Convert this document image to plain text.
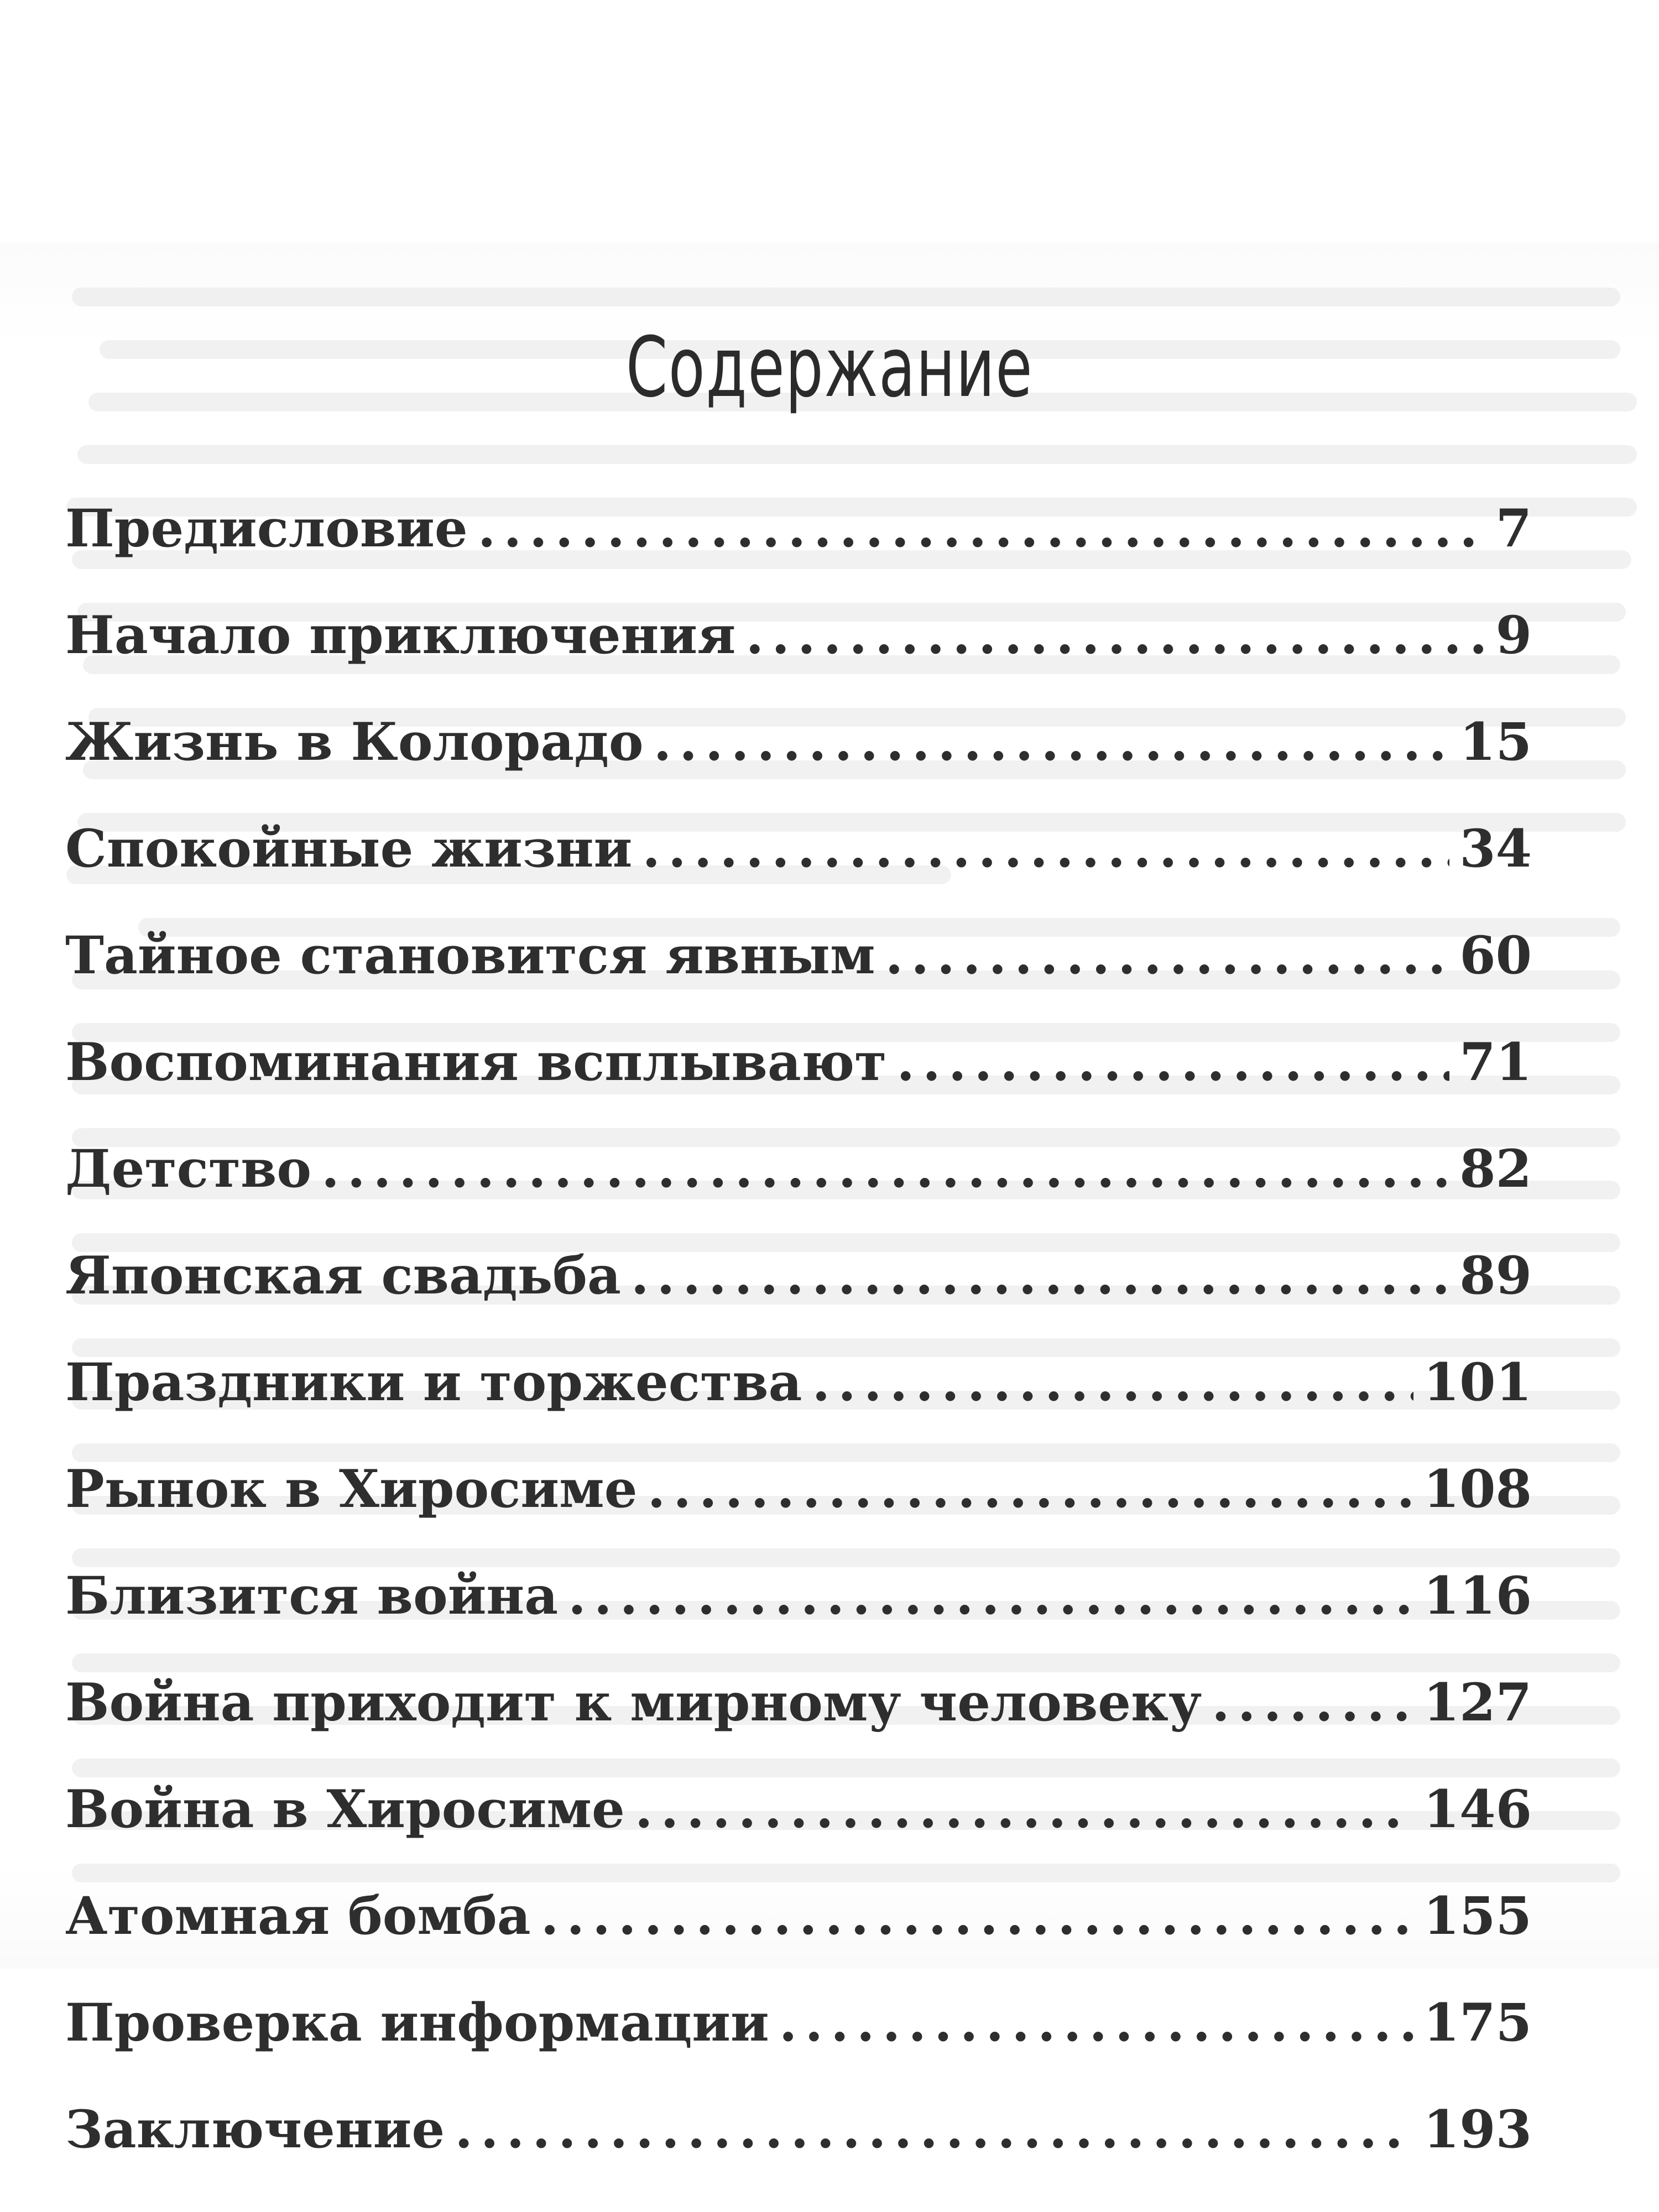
Содержание
Предисловие .....	7
Начало приключения .....	9
Жизнь в Колорадо .....	15
Спокойные жизни .....	34
Тайное становится явным .....	60
Воспоминания всплывают .....	71
Детство .....	82
Японская свадьба .....	89
Праздники и торжества .....	101
Рынок в Хиросиме .....	108
Близится война .....	116
Война приходит к мирному человеку .....	127
Война в Хиросиме .....	146
Атомная бомба .....	155
Проверка информации .....	175
Заключение .....	193
